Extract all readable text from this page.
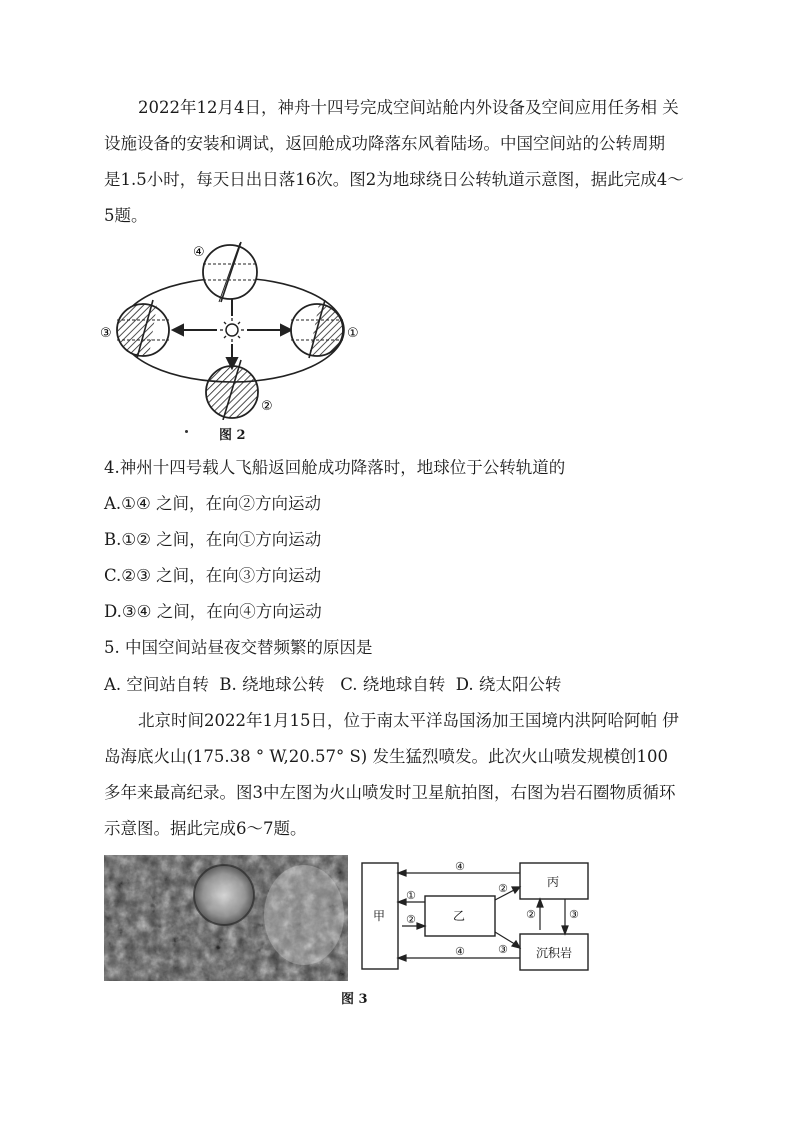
2022年12月4日，神舟十四号完成空间站舱内外设备及空间应用任务相 关
设施设备的安装和调试，返回舱成功降落东风着陆场。中国空间站的公转周期
是1.5小时，每天日出日落16次。图2为地球绕日公转轨道示意图，据此完成4～
5题。
④
③	①
②
图 2
4.神州十四号载人飞船返回舱成功降落时，地球位于公转轨道的
A.①④ 之间，在向②方向运动
B.①② 之间，在向①方向运动
C.②③ 之间，在向③方向运动
D.③④ 之间，在向④方向运动
5. 中国空间站昼夜交替频繁的原因是
A. 空间站自转  B. 绕地球公转   C. 绕地球自转  D. 绕太阳公转
北京时间2022年1月15日，位于南太平洋岛国汤加王国境内洪阿哈阿帕 伊
岛海底火山(175.38 ° W,20.57° S) 发生猛烈喷发。此次火山喷发规模创100
多年来最高纪录。图3中左图为火山喷发时卫星航拍图，右图为岩石圈物质循环
示意图。据此完成6～7题。
甲	乙
丙
沉积岩
④
①
②
②
③
②	③
④
图 3
